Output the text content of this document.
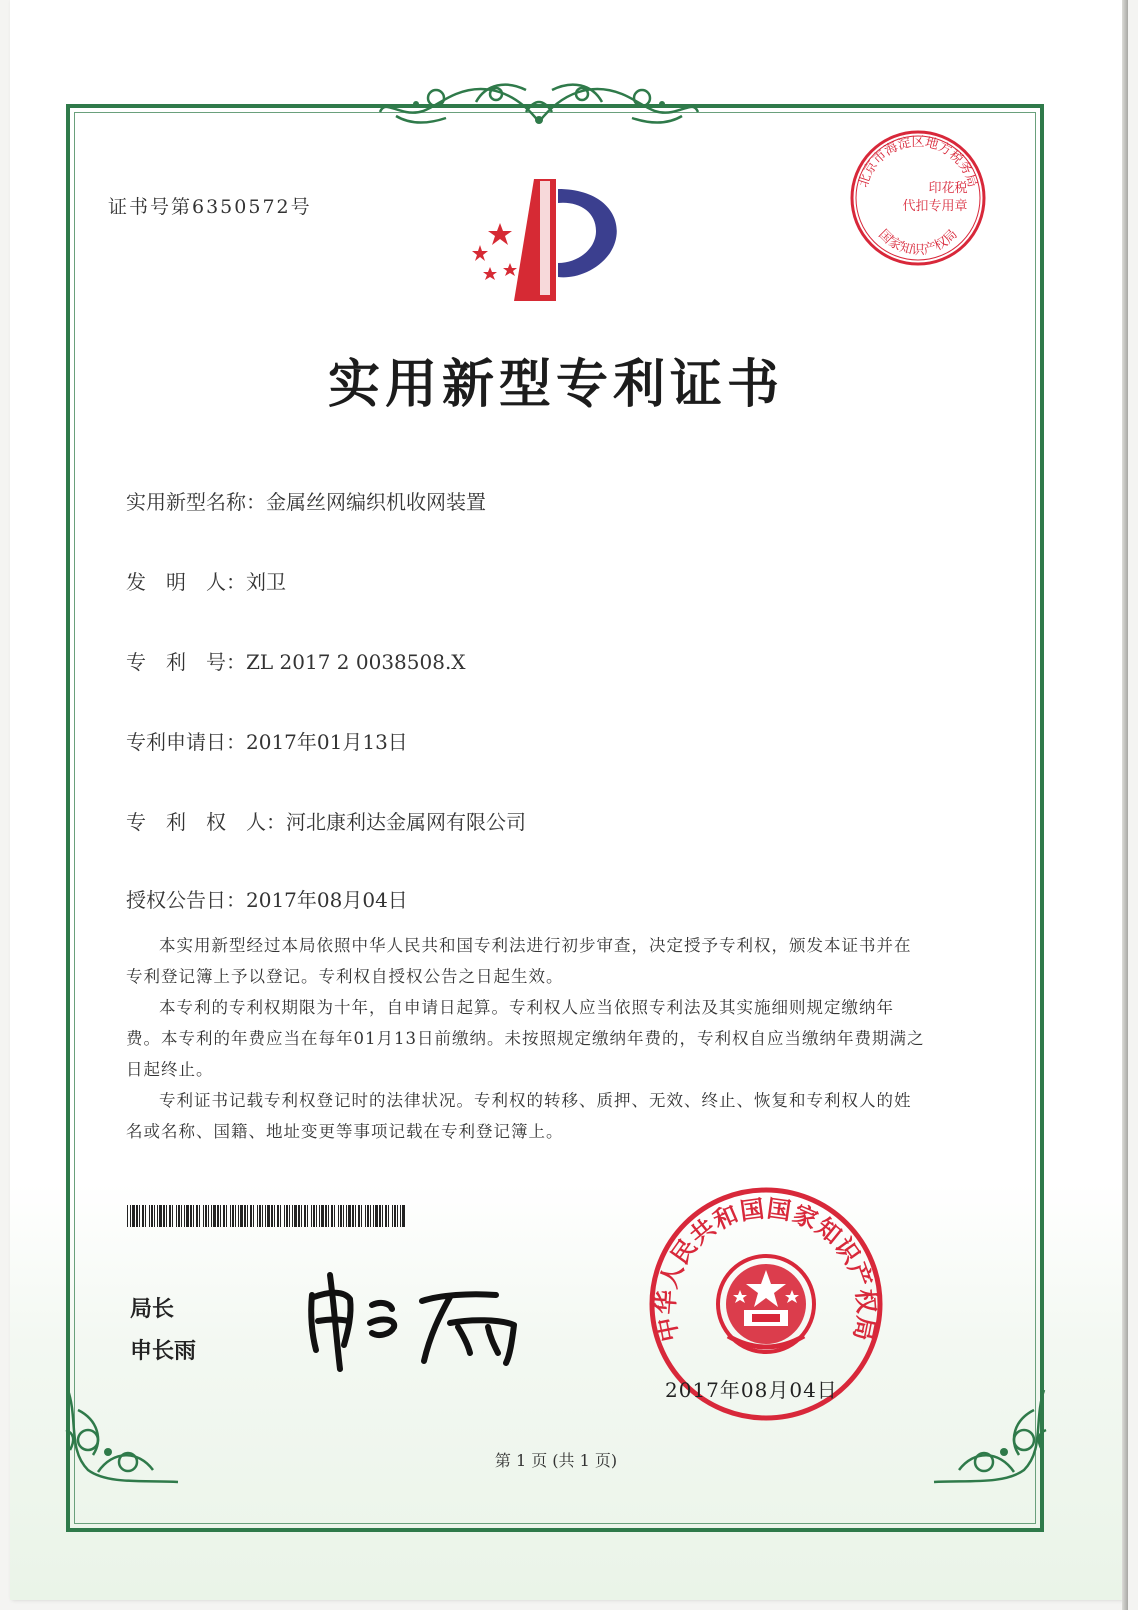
证书号第6350572号
北京市海淀区地方税务局
国家知识产权局
印花税
代扣专用章
实用新型专利证书
实用新型名称：金属丝网编织机收网装置
发　明　人：刘卫
专　利　号：ZL 2017 2 0038508.X
专利申请日：2017年01月13日
专　利　权　人：河北康利达金属网有限公司
授权公告日：2017年08月04日
本实用新型经过本局依照中华人民共和国专利法进行初步审查，决定授予专利权，颁发本证书并在专利登记簿上予以登记。专利权自授权公告之日起生效。
本专利的专利权期限为十年，自申请日起算。专利权人应当依照专利法及其实施细则规定缴纳年费。本专利的年费应当在每年01月13日前缴纳。未按照规定缴纳年费的，专利权自应当缴纳年费期满之日起终止。
专利证书记载专利权登记时的法律状况。专利权的转移、质押、无效、终止、恢复和专利权人的姓名或名称、国籍、地址变更等事项记载在专利登记簿上。
局长
申长雨
中华人民共和国国家知识产权局
2017年08月04日
第 1 页 (共 1 页)
